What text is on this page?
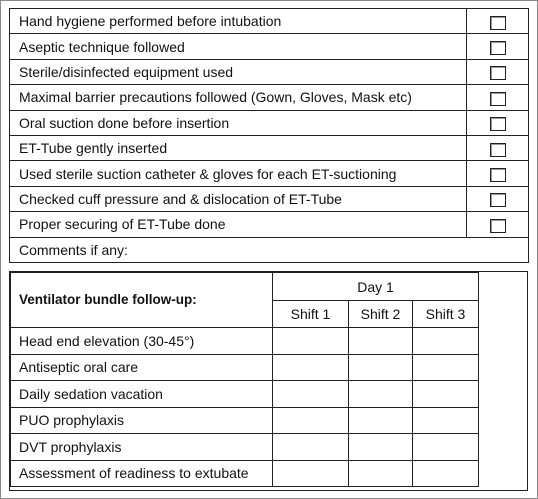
Hand hygiene performed before intubation	
Aseptic technique followed	
Sterile/disinfected equipment used	
Maximal barrier precautions followed (Gown, Gloves, Mask etc)	
Oral suction done before insertion	
ET-Tube gently inserted	
Used sterile suction catheter & gloves for each ET-suctioning	
Checked cuff pressure and & dislocation of ET-Tube	
Proper securing of ET-Tube done	
Comments if any:	
Ventilator bundle follow-up:	Day 1		
	Shift 1	Shift 2	Shift 3
Head end elevation (30-45°)			
Antiseptic oral care			
Daily sedation vacation			
PUO prophylaxis			
DVT prophylaxis			
Assessment of readiness to extubate			
